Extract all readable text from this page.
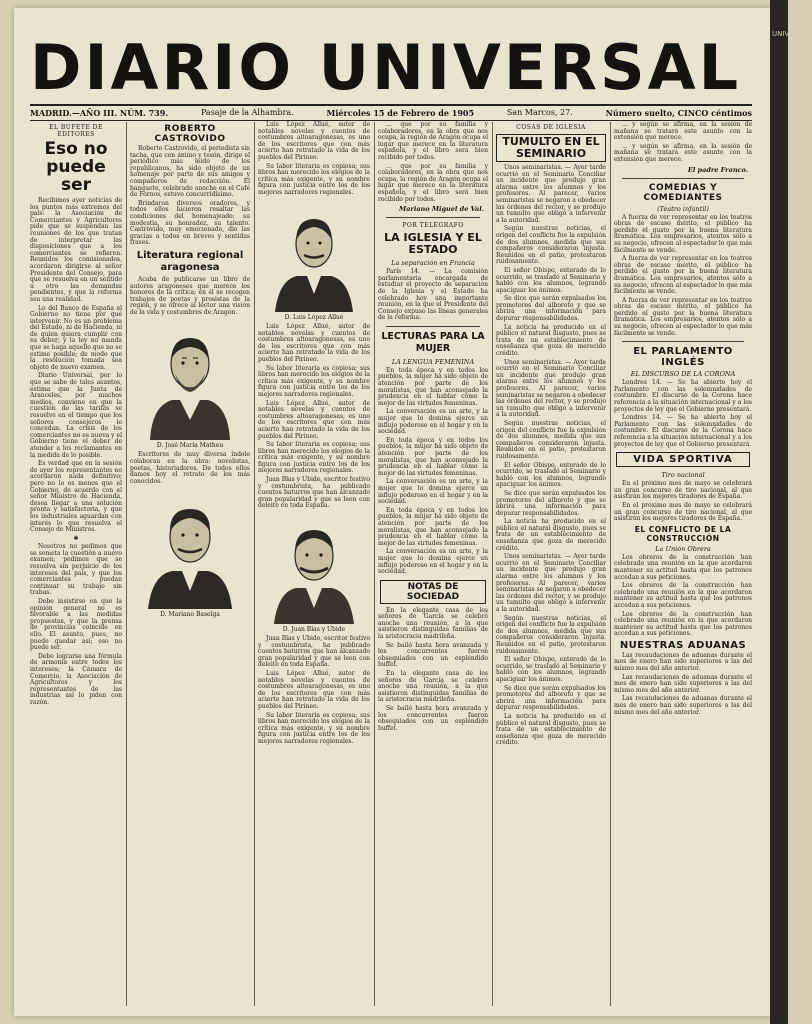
DIARIO UNIVERSAL
MADRID.—AÑO III. NÚM. 739.	Pasaje de la Alhambra.	Miércoles 15 de Febrero de 1905	San Marcos, 27.	Número suelto, CINCO céntimos
EL BUFETE DE EDITORES
Eso no puede ser

Recibimos ayer noticias de los puntos más extremos del país: la Asociación de Comerciantes y Agricultores pide que se suspendan las reuniones de los que tratan de interpretar las disposiciones que a los comerciantes se refieren. Reunidos los comisionados, acordaron dirigirse al señor Presidente del Consejo, para que se resuelva en un sentido u otro las demandas pendientes, y que la reforma sea una realidad.

Lo del Banco de España el Gobierno no tiene por qué intervenir. No es un problema del Estado, ni de Hacienda, ni de quien quiera cumplir con su deber; y la ley no manda que se haga aquello que no se estime posible; de modo que la resolución tomada sea objeto de nuevo examen.

Diario Universal, por lo que se sabe de tales asuntos, estima que la Junta de Aranceles, por muchos medios, conviene en que la cuestión de las tarifas se resuelve en el tiempo que los señores consejeros le concedan. La crisis de los comerciantes no es nueva y el Gobierno tiene el deber de atender a los reclamantes en la medida de lo posible.

Es verdad que en la sesión de ayer los representantes no acordaron nada definitivo; pero no lo es menos que el Gobierno, de acuerdo con el señor Ministro de Hacienda, desea llegar a una solución pronta y satisfactoria, y que los industriales aguardan con interés lo que resuelva el Consejo de Ministros.

✱

Nosotros no pedimos que se someta la cuestión a nuevo examen; pedimos que se resuelva sin perjuicio de los intereses del país, y que los comerciantes puedan continuar su trabajo sin trabas.

Debe insistirse en que la opinión general no es favorable a las medidas propuestas, y que la prensa de provincias coincide en ello. El asunto, pues, no puede quedar así; eso no puede ser.

Debe lograrse una fórmula de armonía entre todos los intereses; la Cámara de Comercio, la Asociación de Agricultores y los representantes de las industrias así lo piden con razón.

ROBERTO CASTROVIDO

Roberto Castrovido, el periodista sin tacha, que con ánimo y tesón, dirige el periódico más leído de los republicanos, ha sido objeto de un homenaje por parte de sus amigos y compañeros de redacción. El banquete, celebrado anoche en el Café de Fornos, estuvo concurridísimo.

Brindaron diversos oradores, y todos ellos hicieron resaltar las condiciones del homenajeado: su modestia, su honradez, su talento. Castrovido, muy emocionado, dio las gracias a todos en breves y sentidas frases.

Literatura regional aragonesa

Acaba de publicarse un libro de autores aragoneses que merece los honores de la crítica; en él se recogen trabajos de poetas y prosistas de la región, y se ofrece al lector una visión de la vida y costumbres de Aragón.

D. José María Matheu

Escritores de muy diversa índole colaboran en la obra: novelistas, poetas, historiadores. De todos ellos damos hoy el retrato de los más conocidos.

D. Mariano Baselga

Luis López Allué, autor de notables novelas y cuentos de costumbres altoaragonesas, es uno de los escritores que con más acierto han retratado la vida de los pueblos del Pirineo.

Su labor literaria es copiosa; sus libros han merecido los elogios de la crítica más exigente, y su nombre figura con justicia entre los de los mejores narradores regionales.

D. Luis López Allué

Luis López Allué, autor de notables novelas y cuentos de costumbres altoaragonesas, es uno de los escritores que con más acierto han retratado la vida de los pueblos del Pirineo.

Su labor literaria es copiosa; sus libros han merecido los elogios de la crítica más exigente, y su nombre figura con justicia entre los de los mejores narradores regionales.

Luis López Allué, autor de notables novelas y cuentos de costumbres altoaragonesas, es uno de los escritores que con más acierto han retratado la vida de los pueblos del Pirineo.

Su labor literaria es copiosa; sus libros han merecido los elogios de la crítica más exigente, y su nombre figura con justicia entre los de los mejores narradores regionales.

Juan Blas y Ubide, escritor festivo y costumbrista, ha publicado cuentos baturros que han alcanzado gran popularidad y que se leen con deleite en toda España.

D. Juan Blas y Ubide

Juan Blas y Ubide, escritor festivo y costumbrista, ha publicado cuentos baturros que han alcanzado gran popularidad y que se leen con deleite en toda España.

Luis López Allué, autor de notables novelas y cuentos de costumbres altoaragonesas, es uno de los escritores que con más acierto han retratado la vida de los pueblos del Pirineo.

Su labor literaria es copiosa; sus libros han merecido los elogios de la crítica más exigente, y su nombre figura con justicia entre los de los mejores narradores regionales.

... que por su familia y colaboradores, en la obra que nos ocupa, la región de Aragón ocupa el lugar que merece en la literatura española, y el libro será bien recibido por todos.

... que por su familia y colaboradores, en la obra que nos ocupa, la región de Aragón ocupa el lugar que merece en la literatura española, y el libro será bien recibido por todos.

Mariano Miguel de Val.
POR TELÉGRAFO
LA IGLESIA Y EL ESTADO
La separación en Francia

París 14. — La comisión parlamentaria encargada de estudiar el proyecto de separación de la Iglesia y el Estado ha celebrado hoy una importante reunión, en la que el Presidente del Consejo expuso las líneas generales de la reforma.

LECTURAS PARA LA MUJER
LA LENGUA FEMENINA

En toda época y en todos los pueblos, la mujer ha sido objeto de atención por parte de los moralistas, que han aconsejado la prudencia en el hablar como la mejor de las virtudes femeninas.

La conversación es un arte, y la mujer que lo domina ejerce un influjo poderoso en el hogar y en la sociedad.

En toda época y en todos los pueblos, la mujer ha sido objeto de atención por parte de los moralistas, que han aconsejado la prudencia en el hablar como la mejor de las virtudes femeninas.

La conversación es un arte, y la mujer que lo domina ejerce un influjo poderoso en el hogar y en la sociedad.

En toda época y en todos los pueblos, la mujer ha sido objeto de atención por parte de los moralistas, que han aconsejado la prudencia en el hablar como la mejor de las virtudes femeninas.

La conversación es un arte, y la mujer que lo domina ejerce un influjo poderoso en el hogar y en la sociedad.

NOTAS DE SOCIEDAD

En la elegante casa de los señores de García se celebró anoche una reunión, a la que asistieron distinguidas familias de la aristocracia madrileña.

Se bailó hasta hora avanzada y los concurrentes fueron obsequiados con un espléndido buffet.

En la elegante casa de los señores de García se celebró anoche una reunión, a la que asistieron distinguidas familias de la aristocracia madrileña.

Se bailó hasta hora avanzada y los concurrentes fueron obsequiados con un espléndido buffet.

COSAS DE IGLESIA
TUMULTO EN EL SEMINARIO

Unos seminaristas. — Ayer tarde ocurrió en el Seminario Conciliar un incidente que produjo gran alarma entre los alumnos y los profesores. Al parecer, varios seminaristas se negaron a obedecer las órdenes del rector, y se produjo un tumulto que obligó a intervenir a la autoridad.

Según nuestras noticias, el origen del conflicto fue la expulsión de dos alumnos, medida que sus compañeros consideraron injusta. Reunidos en el patio, protestaron ruidosamente.

El señor Obispo, enterado de lo ocurrido, se trasladó al Seminario y habló con los alumnos, logrando apaciguar los ánimos.

Se dice que serán expulsados los promotores del alboroto y que se abrirá una información para depurar responsabilidades.

La noticia ha producido en el público el natural disgusto, pues se trata de un establecimiento de enseñanza que goza de merecido crédito.

Unos seminaristas. — Ayer tarde ocurrió en el Seminario Conciliar un incidente que produjo gran alarma entre los alumnos y los profesores. Al parecer, varios seminaristas se negaron a obedecer las órdenes del rector, y se produjo un tumulto que obligó a intervenir a la autoridad.

Según nuestras noticias, el origen del conflicto fue la expulsión de dos alumnos, medida que sus compañeros consideraron injusta. Reunidos en el patio, protestaron ruidosamente.

El señor Obispo, enterado de lo ocurrido, se trasladó al Seminario y habló con los alumnos, logrando apaciguar los ánimos.

Se dice que serán expulsados los promotores del alboroto y que se abrirá una información para depurar responsabilidades.

La noticia ha producido en el público el natural disgusto, pues se trata de un establecimiento de enseñanza que goza de merecido crédito.

Unos seminaristas. — Ayer tarde ocurrió en el Seminario Conciliar un incidente que produjo gran alarma entre los alumnos y los profesores. Al parecer, varios seminaristas se negaron a obedecer las órdenes del rector, y se produjo un tumulto que obligó a intervenir a la autoridad.

Según nuestras noticias, el origen del conflicto fue la expulsión de dos alumnos, medida que sus compañeros consideraron injusta. Reunidos en el patio, protestaron ruidosamente.

El señor Obispo, enterado de lo ocurrido, se trasladó al Seminario y habló con los alumnos, logrando apaciguar los ánimos.

Se dice que serán expulsados los promotores del alboroto y que se abrirá una información para depurar responsabilidades.

La noticia ha producido en el público el natural disgusto, pues se trata de un establecimiento de enseñanza que goza de merecido crédito.

... y según se afirma, en la sesión de mañana se tratará este asunto con la extensión que merece.

... y según se afirma, en la sesión de mañana se tratará este asunto con la extensión que merece.

El padre Franco.
COMEDIAS Y COMEDIANTES
(Teatro infantil)

A fuerza de ver representar en los teatros obras de escaso mérito, el público ha perdido el gusto por la buena literatura dramática. Los empresarios, atentos sólo a su negocio, ofrecen al espectador lo que más fácilmente se vende.

A fuerza de ver representar en los teatros obras de escaso mérito, el público ha perdido el gusto por la buena literatura dramática. Los empresarios, atentos sólo a su negocio, ofrecen al espectador lo que más fácilmente se vende.

A fuerza de ver representar en los teatros obras de escaso mérito, el público ha perdido el gusto por la buena literatura dramática. Los empresarios, atentos sólo a su negocio, ofrecen al espectador lo que más fácilmente se vende.

EL PARLAMENTO INGLÉS
EL DISCURSO DE LA CORONA

Londres 14. — Se ha abierto hoy el Parlamento con las solemnidades de costumbre. El discurso de la Corona hace referencia a la situación internacional y a los proyectos de ley que el Gobierno presentará.

Londres 14. — Se ha abierto hoy el Parlamento con las solemnidades de costumbre. El discurso de la Corona hace referencia a la situación internacional y a los proyectos de ley que el Gobierno presentará.

VIDA SPORTIVA
Tiro nacional

En el próximo mes de mayo se celebrará un gran concurso de tiro nacional, al que asistirán los mejores tiradores de España.

En el próximo mes de mayo se celebrará un gran concurso de tiro nacional, al que asistirán los mejores tiradores de España.

EL CONFLICTO DE LA CONSTRUCCIÓN
La Unión Obrera

Los obreros de la construcción han celebrado una reunión en la que acordaron mantener su actitud hasta que los patronos accedan a sus peticiones.

Los obreros de la construcción han celebrado una reunión en la que acordaron mantener su actitud hasta que los patronos accedan a sus peticiones.

Los obreros de la construcción han celebrado una reunión en la que acordaron mantener su actitud hasta que los patronos accedan a sus peticiones.

NUESTRAS ADUANAS

Las recaudaciones de aduanas durante el mes de enero han sido superiores a las del mismo mes del año anterior.

Las recaudaciones de aduanas durante el mes de enero han sido superiores a las del mismo mes del año anterior.

Las recaudaciones de aduanas durante el mes de enero han sido superiores a las del mismo mes del año anterior.

UNIVERSAL
